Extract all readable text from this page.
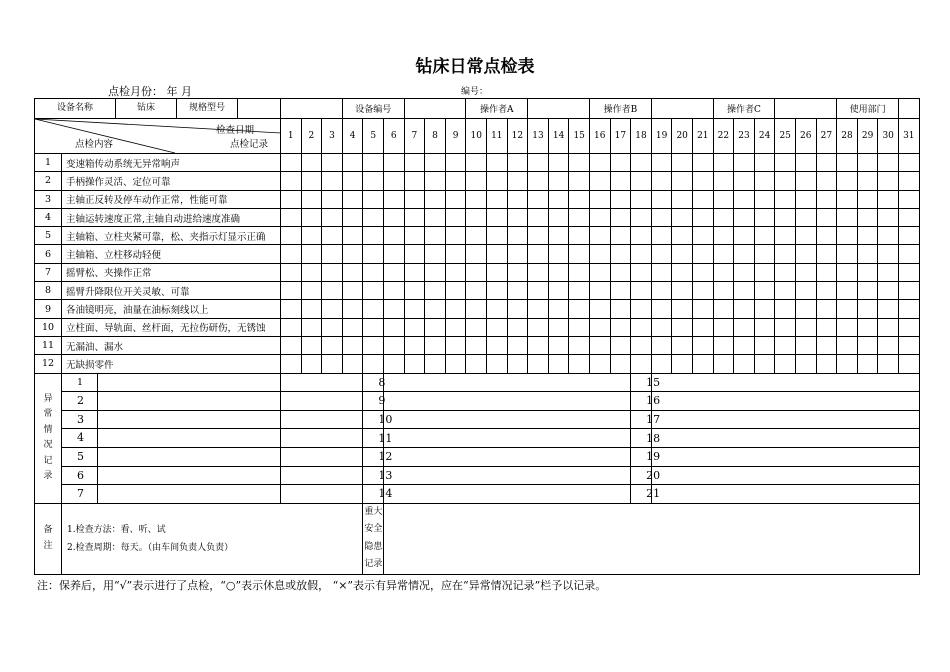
钻床日常点检表
点检月份： 年 月	编号：
设备名称 钻床 规格型号					设备编号						操作者A						操作者B						操作者C						使用部门			

检查日期
点检内容 点检记录		1	2	3	4	5	6	7	8	9	10	11	12	13	14	15	16	17	18	19	20	21	22	23	24	25	26	27	28	29	30	31
1	变速箱传动系统无异常响声																															
2	手柄操作灵活、定位可靠																															
3	主轴正反转及停车动作正常，性能可靠																															
4	主轴运转速度正常,主轴自动进给速度准确																															
5	主轴箱、立柱夹紧可靠，松、夹指示灯显示正确																															
6	主轴箱、立柱移动轻便																															
7	摇臂松、夹操作正常																															
8	摇臂升降限位开关灵敏、可靠																															
9	各油镜明亮，油量在油标刻线以上																															
10	立柱面、导轨面、丝杆面，无拉伤研伤，无锈蚀																															
11	无漏油、漏水																															
12	无缺损零件																															

异常情况记录	1					8													15													

	2					9													16													

	3					10													17													

	4					11													18													

	5					12													19													

	6					13													20													

	7					14													21													

备注	1.检查方法：看、听、试
2.检查周期：每天。（由车间负责人负责）					重大安全隐患记录																										

注：保养后，用“√”表示进行了点检，“○”表示休息或放假， “×”表示有异常情况，应在“异常情况记录”栏予以记录。
